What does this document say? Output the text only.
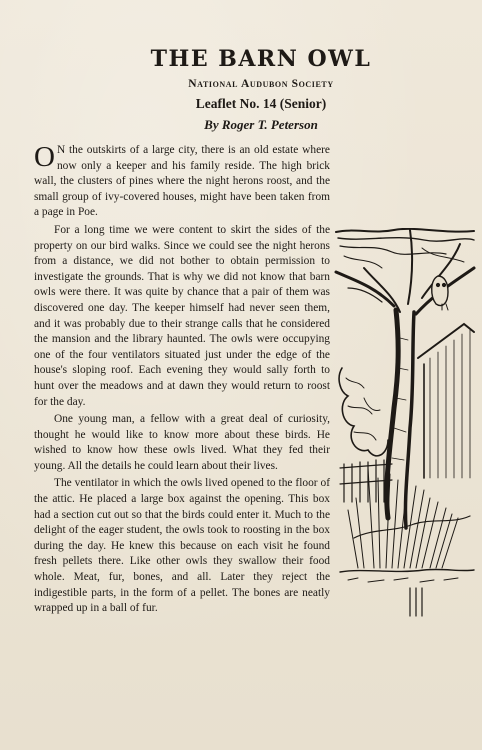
THE BARN OWL
National Audubon Society
Leaflet No. 14 (Senior)
By Roger T. Peterson

O N the outskirts of a large city, there is an old estate where now only a keeper and his family reside. The high brick wall, the clusters of pines where the night herons roost, and the small group of ivy-covered houses, might have been taken from a page in Poe.

For a long time we were content to skirt the sides of the property on our bird walks. Since we could see the night herons from a distance, we did not bother to obtain permission to investigate the grounds. That is why we did not know that barn owls were there. It was quite by chance that a pair of them was discovered one day. The keeper himself had never seen them, and it was probably due to their strange calls that he considered the mansion and the library haunted. The owls were occupying one of the four ventilators situated just under the edge of the house's sloping roof. Each evening they would sally forth to hunt over the meadows and at dawn they would return to roost for the day.

One young man, a fellow with a great deal of curiosity, thought he would like to know more about these birds. He wished to know how these owls lived. What they fed their young. All the details he could learn about their lives.

The ventilator in which the owls lived opened to the floor of the attic. He placed a large box against the opening. This box had a section cut out so that the birds could enter it. Much to the delight of the eager student, the owls took to roosting in the box during the day. He knew this because on each visit he found fresh pellets there. Like other owls they swallow their food whole. Meat, fur, bones, and all. Later they reject the indigestible parts, in the form of a pellet. The bones are neatly wrapped up in a ball of fur.
